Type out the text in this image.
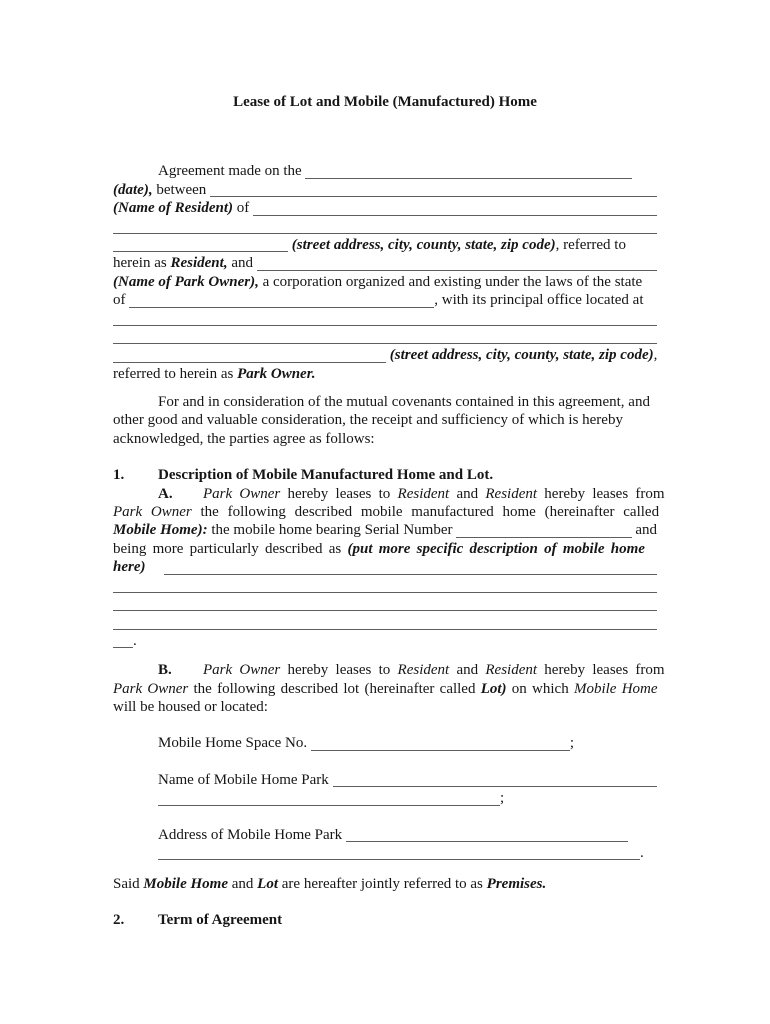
Lease of Lot and Mobile (Manufactured) Home
Agreement made on the
(date), between
(Name of Resident) of
(street address, city, county, state, zip code) , referred to
herein as Resident, and
(Name of Park Owner), a corporation organized and existing under the laws of the state
of	, with its principal office located at
(street address, city, county, state, zip code) ,
referred to herein as Park Owner.
For and in consideration of the mutual covenants contained in this agreement, and
other good and valuable consideration, the receipt and sufficiency of which is hereby
acknowledged, the parties agree as follows:
1. Description of Mobile Manufactured Home and Lot.
A. Park Owner hereby leases to Resident and Resident hereby leases from
Park Owner the following described mobile manufactured home (hereinafter called
Mobile Home): the mobile home bearing Serial Number	and
being more particularly described as (put more specific description of mobile home
here)
.
B. Park Owner hereby leases to Resident and Resident hereby leases from
Park Owner the following described lot (hereinafter called Lot) on which Mobile Home
will be housed or located:
Mobile Home Space No.	;
Name of Mobile Home Park
;
Address of Mobile Home Park
.
Said Mobile Home and Lot are hereafter jointly referred to as Premises.
2. Term of Agreement
